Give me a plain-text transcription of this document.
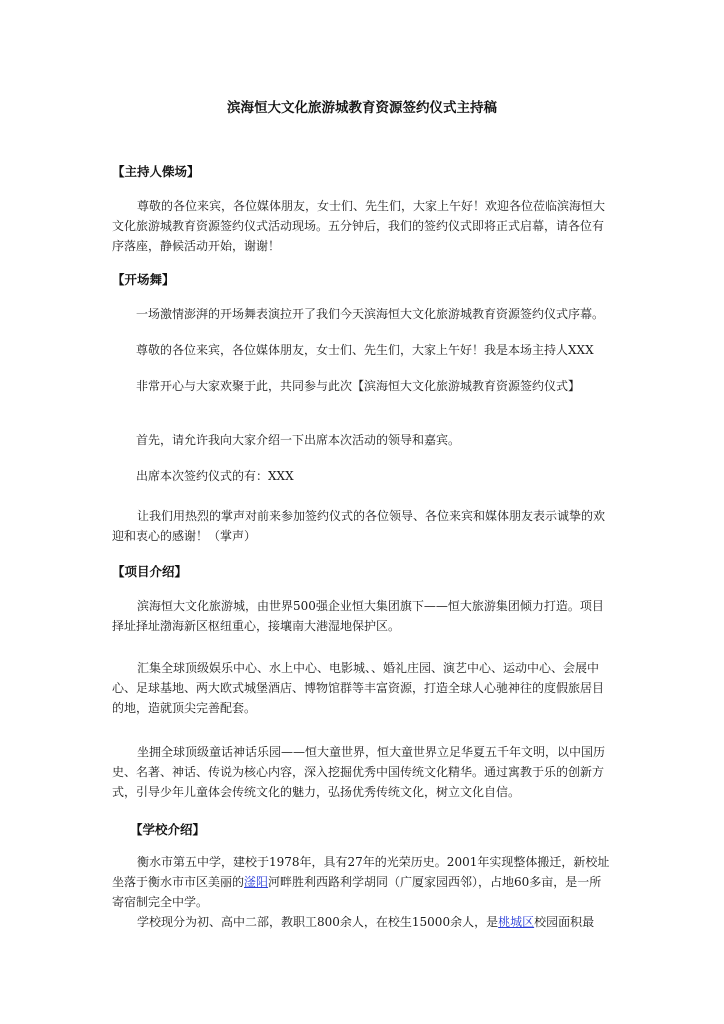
滨海恒大文化旅游城教育资源签约仪式主持稿
【主持人偨场】
尊敬的各位来宾，各位媒体朋友，女士们、先生们，大家上午好！欢迎各位莅临滨海恒大文化旅游城教育资源签约仪式活动现场。五分钟后，我们的签约仪式即将正式启幕，请各位有序落座，静候活动开始，谢谢！
【开场舞】
一场激情澎湃的开场舞表演拉开了我们今天滨海恒大文化旅游城教育资源签约仪式序幕。
尊敬的各位来宾，各位媒体朋友，女士们、先生们，大家上午好！我是本场主持人XXX
非常开心与大家欢聚于此，共同参与此次【滨海恒大文化旅游城教育资源签约仪式】
首先，请允许我向大家介绍一下出席本次活动的领导和嘉宾。
出席本次签约仪式的有：XXX
让我们用热烈的掌声对前来参加签约仪式的各位领导、各位来宾和媒体朋友表示诚挚的欢迎和衷心的感谢！（掌声）
【项目介绍】
滨海恒大文化旅游城，由世界500强企业恒大集团旗下——恒大旅游集团倾力打造。项目择址择址渤海新区枢纽重心，接壤南大港湿地保护区。
汇集全球顶级娱乐中心、水上中心、电影城、、婚礼庄园、演艺中心、运动中心、会展中心、足球基地、两大欧式城堡酒店、博物馆群等丰富资源，打造全球人心驰神往的度假旅居目的地，造就顶尖完善配套。
坐拥全球顶级童话神话乐园——恒大童世界，恒大童世界立足华夏五千年文明，以中国历史、名著、神话、传说为核心内容，深入挖掘优秀中国传统文化精华。通过寓教于乐的创新方式，引导少年儿童体会传统文化的魅力，弘扬优秀传统文化，树立文化自信。
【学校介绍】
衡水市第五中学，建校于1978年，具有27年的光荣历史。2001年实现整体搬迁，新校址坐落于衡水市市区美丽的滏阳河畔胜利西路利学胡同（广厦家园西邻），占地60多亩，是一所寄宿制完全中学。
学校现分为初、高中二部，教职工800余人，在校生15000余人，是桃城区校园面积最
